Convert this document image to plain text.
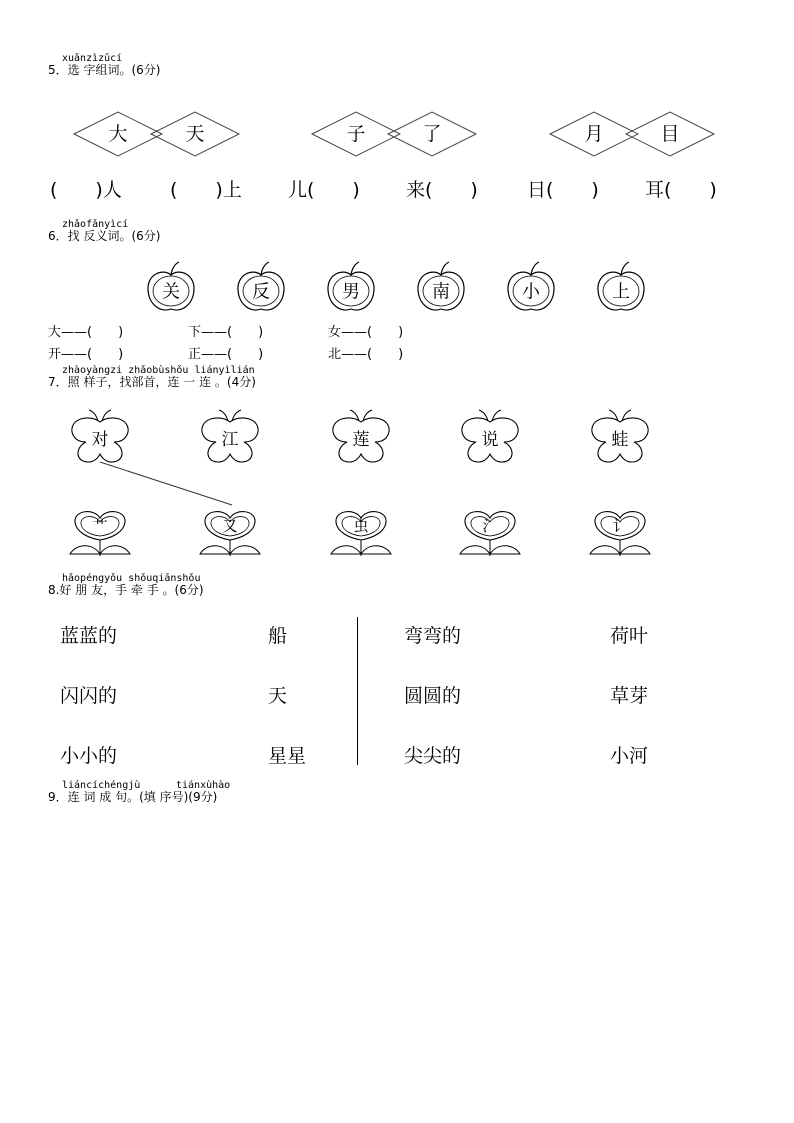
xuǎnzìzǔcí
5．选 字组词。(6分)
大	天	子	了	月	目
(　　)人	(　　)上 儿(　　) 来(　　)	日(　　) 耳(　　)
zhǎofǎnyìcí
6．找 反义词。(6分)
关	反	男	南	小	上
大——(　　)	下——(　　)	女——(　　)
开——(　　)	正——(　　)	北——(　　)
zhàoyàngzi zhǎobùshǒu liányìlián
7．照 样子，找部首，连 一 连 。(4分)
对	江	莲	说	蛙
艹	又	虫	氵	讠
hǎopéngyǒu shǒuqiānshǒu
8.好 朋 友，手 牵 手 。(6分)
蓝蓝的	船
闪闪的	天
小小的	星星
弯弯的	荷叶
圆圆的	草芽
尖尖的	小河
liáncíchéngjù	tiánxùhào
9．连 词 成 句。(填 序号)(9分)
